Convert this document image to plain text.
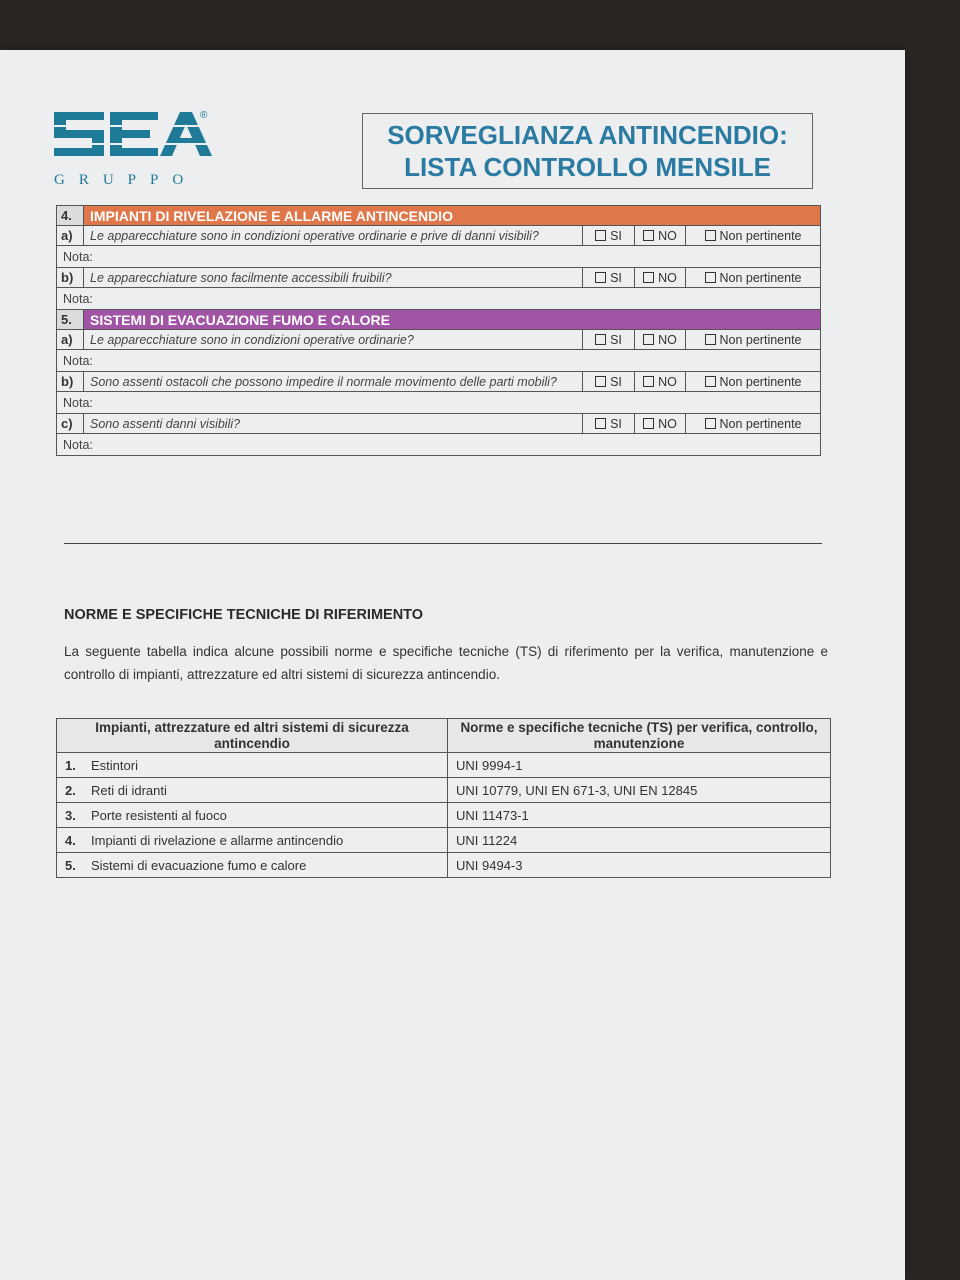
GRUPPO
®
SORVEGLIANZA ANTINCENDIO:
LISTA CONTROLLO MENSILE
4.	IMPIANTI DI RIVELAZIONE E ALLARME ANTINCENDIO			
a)	Le apparecchiature sono in condizioni operative ordinarie e prive di danni visibili?	SI	NO	Non pertinente
Nota:				
b)	Le apparecchiature sono facilmente accessibili fruibili?	SI	NO	Non pertinente
Nota:				
5.	SISTEMI DI EVACUAZIONE FUMO E CALORE			
a)	Le apparecchiature sono in condizioni operative ordinarie?	SI	NO	Non pertinente
Nota:				
b)	Sono assenti ostacoli che possono impedire il normale movimento delle parti mobili?	SI	NO	Non pertinente
Nota:				
c)	Sono assenti danni visibili?	SI	NO	Non pertinente
Nota:				
NORME E SPECIFICHE TECNICHE DI RIFERIMENTO
La seguente tabella indica alcune possibili norme e specifiche tecniche (TS) di riferimento per la verifica, manutenzione e controllo di impianti, attrezzature ed altri sistemi di sicurezza antincendio.
Impianti, attrezzature ed altri sistemi di sicurezza antincendio	Norme e specifiche tecniche (TS) per verifica, controllo, manutenzione
1. Estintori	UNI 9994-1
2. Reti di idranti	UNI 10779, UNI EN 671-3, UNI EN 12845
3. Porte resistenti al fuoco	UNI 11473-1
4. Impianti di rivelazione e allarme antincendio	UNI 11224
5. Sistemi di evacuazione fumo e calore	UNI 9494-3
